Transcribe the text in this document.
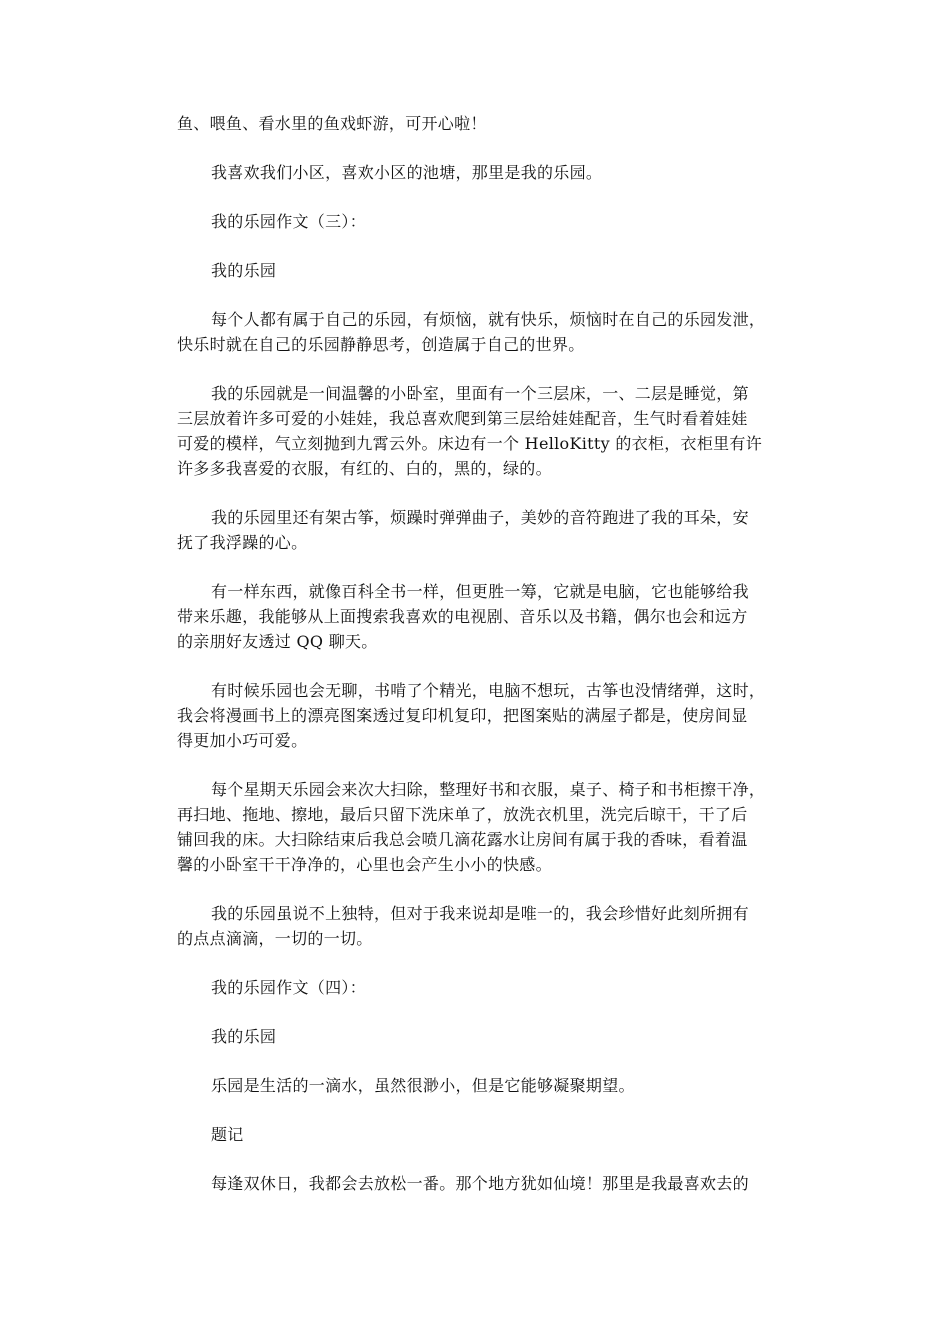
鱼、喂鱼、看水里的鱼戏虾游，可开心啦！

我喜欢我们小区，喜欢小区的池塘，那里是我的乐园。

我的乐园作文（三）：

我的乐园

每个人都有属于自己的乐园，有烦恼，就有快乐，烦恼时在自己的乐园发泄，
快乐时就在自己的乐园静静思考，创造属于自己的世界。

我的乐园就是一间温馨的小卧室，里面有一个三层床，一、二层是睡觉，第
三层放着许多可爱的小娃娃，我总喜欢爬到第三层给娃娃配音，生气时看着娃娃
可爱的模样，气立刻抛到九霄云外。床边有一个 HelloKitty 的衣柜，衣柜里有许
许多多我喜爱的衣服，有红的、白的，黑的，绿的。

我的乐园里还有架古筝，烦躁时弹弹曲子，美妙的音符跑进了我的耳朵，安
抚了我浮躁的心。

有一样东西，就像百科全书一样，但更胜一筹，它就是电脑，它也能够给我
带来乐趣，我能够从上面搜索我喜欢的电视剧、音乐以及书籍，偶尔也会和远方
的亲朋好友透过 QQ 聊天。

有时候乐园也会无聊，书啃了个精光，电脑不想玩，古筝也没情绪弹，这时，
我会将漫画书上的漂亮图案透过复印机复印，把图案贴的满屋子都是，使房间显
得更加小巧可爱。

每个星期天乐园会来次大扫除，整理好书和衣服，桌子、椅子和书柜擦干净，
再扫地、拖地、擦地，最后只留下洗床单了，放洗衣机里，洗完后晾干，干了后
铺回我的床。大扫除结束后我总会喷几滴花露水让房间有属于我的香味，看着温
馨的小卧室干干净净的，心里也会产生小小的快感。

我的乐园虽说不上独特，但对于我来说却是唯一的，我会珍惜好此刻所拥有
的点点滴滴，一切的一切。

我的乐园作文（四）：

我的乐园

乐园是生活的一滴水，虽然很渺小，但是它能够凝聚期望。

题记

每逢双休日，我都会去放松一番。那个地方犹如仙境！那里是我最喜欢去的
